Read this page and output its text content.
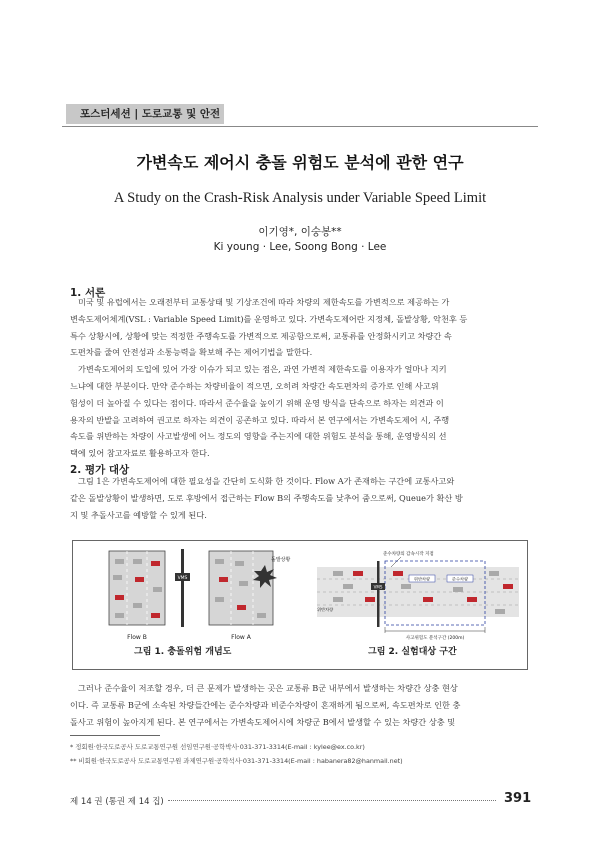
포스터세션 | 도로교통 및 안전
가변속도 제어시 충돌 위험도 분석에 관한 연구
A Study on the Crash-Risk Analysis under Variable Speed Limit
이기영*, 이숭봉**
Ki young · Lee, Soong Bong · Lee
1. 서론
미국 및 유럽에서는 오래전부터 교통상태 및 기상조건에 따라 차량의 제한속도를 가변적으로 제공하는 가
변속도제어체계(VSL : Variable Speed Limit)를 운영하고 있다. 가변속도제어란 지정체, 돌발상황, 악천후 등
특수 상황시에, 상황에 맞는 적정한 주행속도를 가변적으로 제공함으로써, 교통류를 안정화시키고 차량간 속
도편차를 줄여 안전성과 소통능력을 확보해 주는 제어기법을 말한다.
가변속도제어의 도입에 있어 가장 이슈가 되고 있는 점은, 과연 가변적 제한속도를 이용자가 얼마나 지키
느냐에 대한 부분이다. 만약 준수하는 차량비율이 적으면, 오히려 차량간 속도편차의 증가로 인해 사고위
험성이 더 높아질 수 있다는 점이다. 따라서 준수율을 높이기 위해 운영 방식을 단속으로 하자는 의견과 이
용자의 반발을 고려하여 권고로 하자는 의견이 공존하고 있다. 따라서 본 연구에서는 가변속도제어 시, 주행
속도를 위반하는 차량이 사고발생에 어느 정도의 영향을 주는지에 대한 위험도 분석을 통해, 운영방식의 선
택에 있어 참고자료로 활용하고자 한다.
2. 평가 대상
그림 1은 가변속도제어에 대한 필요성을 간단히 도식화 한 것이다. Flow A가 존재하는 구간에 교통사고와
같은 돌발상황이 발생하면, 도로 후방에서 접근하는 Flow B의 주행속도를 낮추어 줌으로써, Queue가 확산 방
지 및 추돌사고를 예방할 수 있게 된다.
VMS
돌발상황
Flow B	Flow A
준수차량의 감속시작 지점
VMS
위반차량	준수차량
위반차량
사고위험도 분석구간 (200m)
그림 1. 충돌위험 개념도	그림 2. 실험대상 구간
그러나 준수율이 저조할 경우, 더 큰 문제가 발생하는 곳은 교통류 B군 내부에서 발생하는 차량간 상충 현상
이다. 즉 교통류 B군에 소속된 차량들간에는 준수차량과 비준수차량이 혼재하게 됨으로써, 속도편차로 인한 충
돌사고 위험이 높아지게 된다. 본 연구에서는 가변속도제어시에 차량군 B에서 발생할 수 있는 차량간 상충 및
* 정회원·한국도로공사 도로교통연구원 선임연구원·공학박사·031-371-3314(E-mail : kylee@ex.co.kr)
** 비회원·한국도로공사 도로교통연구원 과제연구원·공학석사·031-371-3314(E-mail : habanera82@hanmail.net)
제 14 권 (통권 제 14 집)	391
